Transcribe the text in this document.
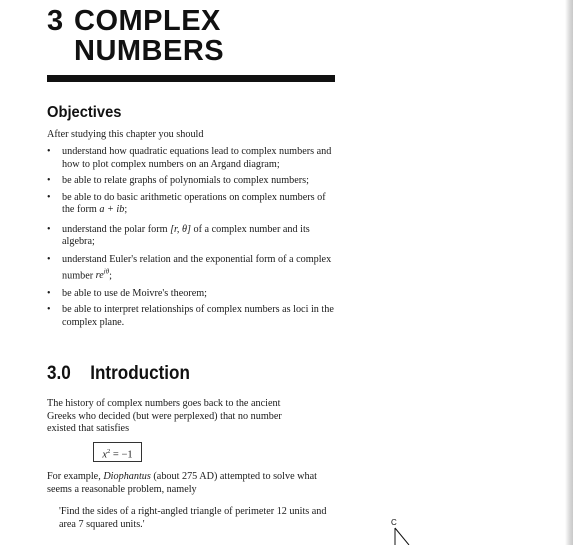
3 COMPLEX
NUMBERS
Objectives

After studying this chapter you should

• understand how quadratic equations lead to complex numbers and how to plot complex numbers on an Argand diagram;
• be able to relate graphs of polynomials to complex numbers;
• be able to do basic arithmetic operations on complex numbers of the form a + ib;
• understand the polar form [r, θ] of a complex number and its algebra;
• understand Euler's relation and the exponential form of a complex number $re^{i\theta}$;
• be able to use de Moivre's theorem;
• be able to interpret relationships of complex numbers as loci in the complex plane.
3.0 Introduction

The history of complex numbers goes back to the ancient Greeks who decided (but were perplexed) that no number existed that satisfies

$x^2 = -1$

For example, Diophantus (about 275 AD) attempted to solve what seems a reasonable problem, namely

'Find the sides of a right-angled triangle of perimeter 12 units and area 7 squared units.'	C
